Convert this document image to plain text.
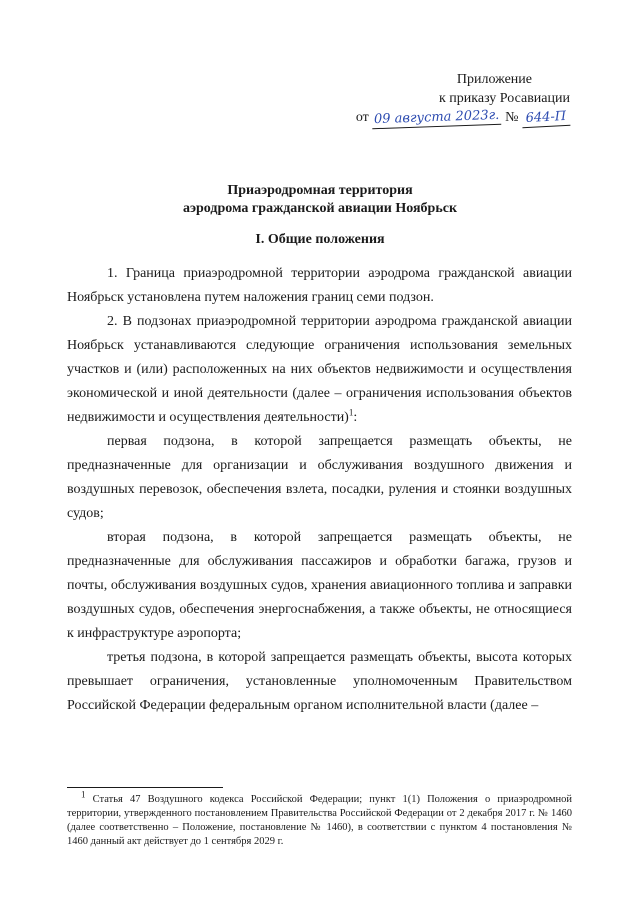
Приложение
к приказу Росавиации
от 09 августа 2023г. № 644-П
Приаэродромная территория
аэродрома гражданской авиации Ноябрьск
I. Общие положения

1. Граница приаэродромной территории аэродрома гражданской авиации Ноябрьск установлена путем наложения границ семи подзон.

2. В подзонах приаэродромной территории аэродрома гражданской авиации Ноябрьск устанавливаются следующие ограничения использования земельных участков и (или) расположенных на них объектов недвижимости и осуществления экономической и иной деятельности (далее – ограничения использования объектов недвижимости и осуществления деятельности)$^1$:

первая подзона, в которой запрещается размещать объекты, не предназначенные для организации и обслуживания воздушного движения и воздушных перевозок, обеспечения взлета, посадки, руления и стоянки воздушных судов;

вторая подзона, в которой запрещается размещать объекты, не предназначенные для обслуживания пассажиров и обработки багажа, грузов и почты, обслуживания воздушных судов, хранения авиационного топлива и заправки воздушных судов, обеспечения энергоснабжения, а также объекты, не относящиеся к инфраструктуре аэропорта;

третья подзона, в которой запрещается размещать объекты, высота которых превышает ограничения, установленные уполномоченным Правительством Российской Федерации федеральным органом исполнительной власти (далее –

$^1$ Статья 47 Воздушного кодекса Российской Федерации; пункт 1(1) Положения о приаэродромной территории, утвержденного постановлением Правительства Российской Федерации от 2 декабря 2017 г. № 1460 (далее соответственно – Положение, постановление № 1460), в соответствии с пунктом 4 постановления № 1460 данный акт действует до 1 сентября 2029 г.
